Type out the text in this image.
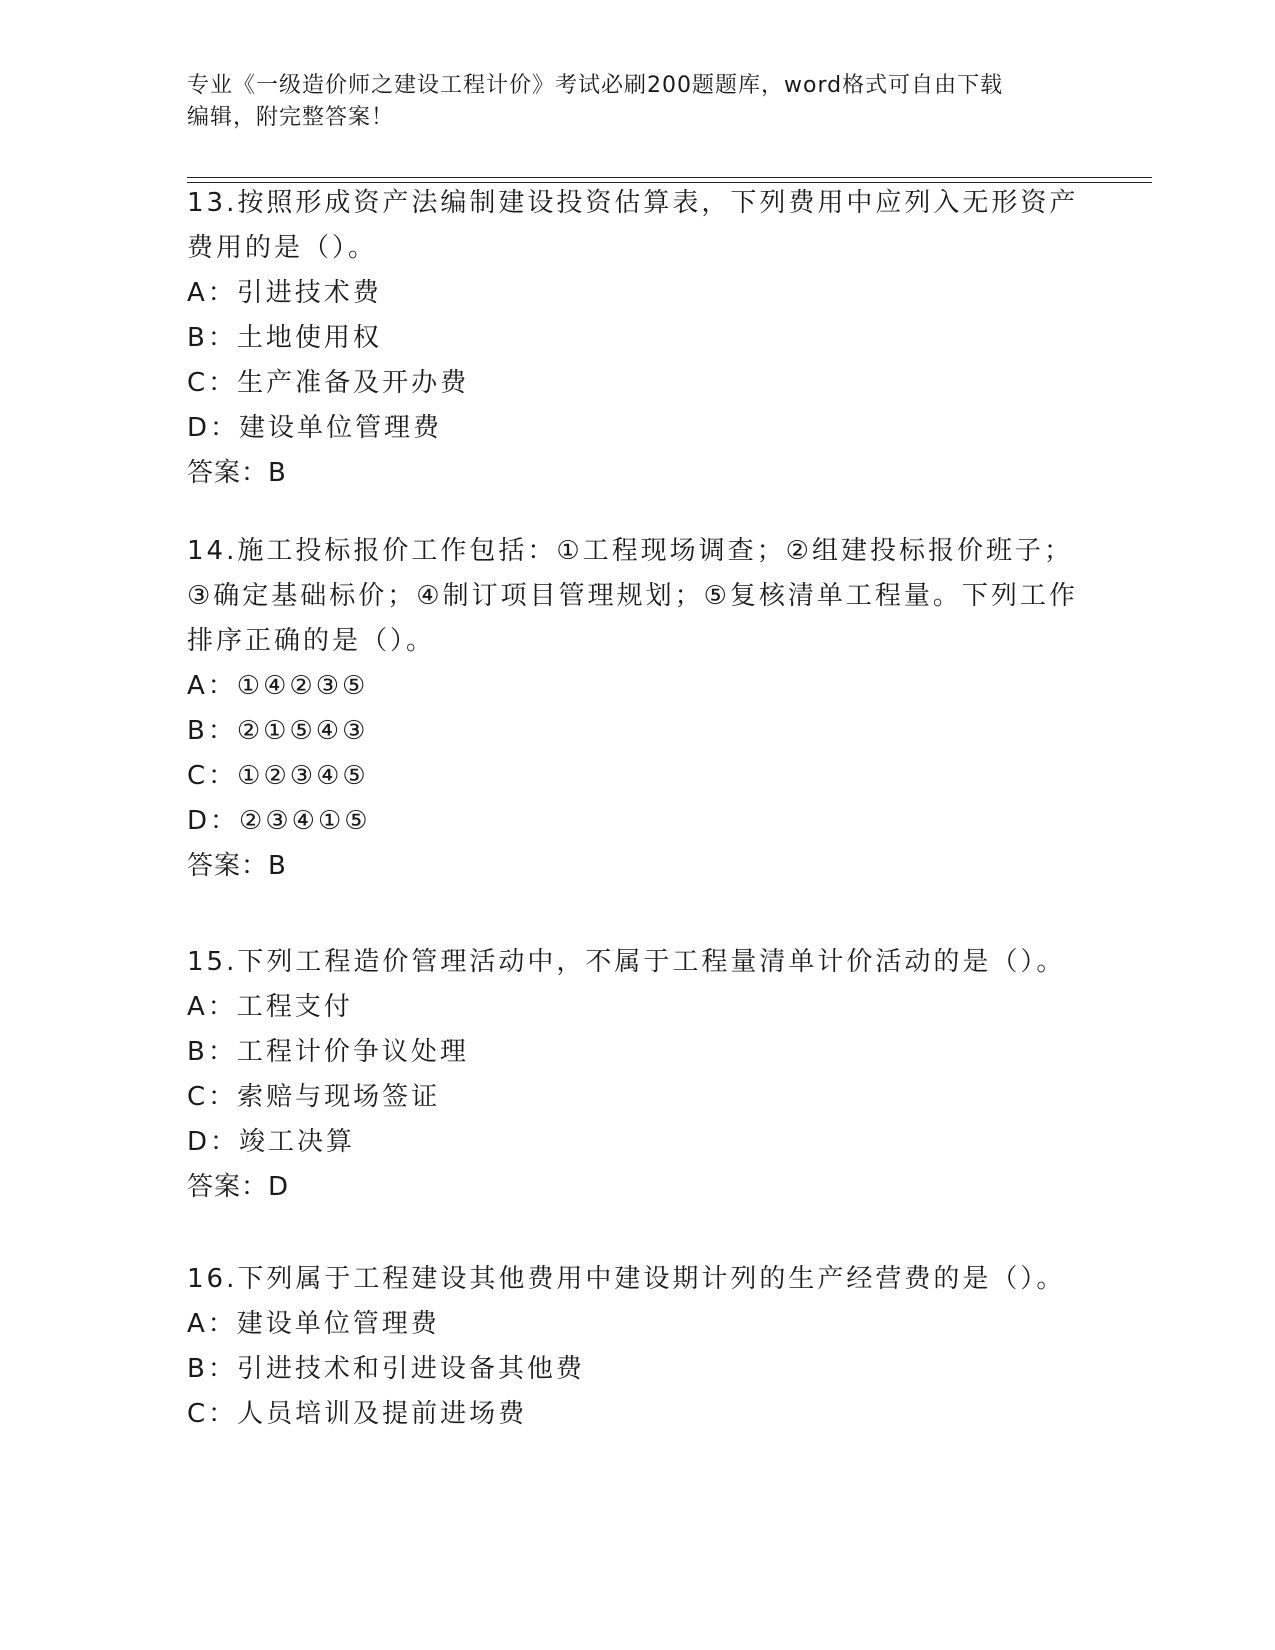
专业《一级造价师之建设工程计价》考试必刷200题题库，word格式可自由下载
编辑，附完整答案！

13.按照形成资产法编制建设投资估算表，下列费用中应列入无形资产费用的是（）。

A：引进技术费

B：土地使用权

C：生产准备及开办费

D：建设单位管理费

答案：B

14.施工投标报价工作包括：①工程现场调查；②组建投标报价班子；③确定基础标价；④制订项目管理规划；⑤复核清单工程量。下列工作排序正确的是（）。

A：①④②③⑤

B：②①⑤④③

C：①②③④⑤

D：②③④①⑤

答案：B

15.下列工程造价管理活动中，不属于工程量清单计价活动的是（）。

A：工程支付

B：工程计价争议处理

C：索赔与现场签证

D：竣工决算

答案：D

16.下列属于工程建设其他费用中建设期计列的生产经营费的是（）。

A：建设单位管理费

B：引进技术和引进设备其他费

C：人员培训及提前进场费
